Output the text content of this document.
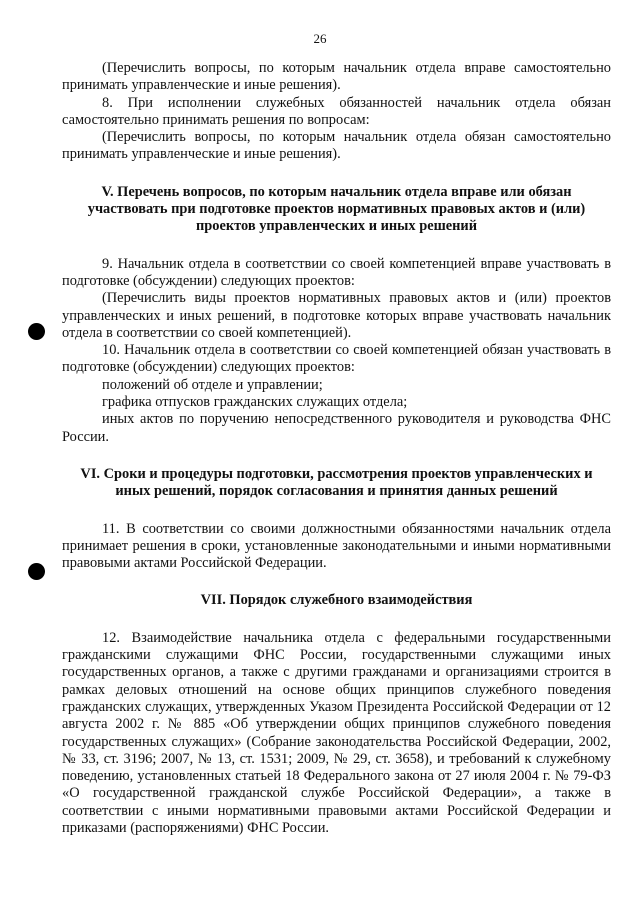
26

(Перечислить вопросы, по которым начальник отдела вправе самостоятельно принимать управленческие и иные решения).

8. При исполнении служебных обязанностей начальник отдела обязан самостоятельно принимать решения по вопросам:

(Перечислить вопросы, по которым начальник отдела обязан самостоятельно принимать управленческие и иные решения).

V. Перечень вопросов, по которым начальник отдела вправе или обязан участвовать при подготовке проектов нормативных правовых актов и (или) проектов управленческих и иных решений

9. Начальник отдела в соответствии со своей компетенцией вправе участвовать в подготовке (обсуждении) следующих проектов:

(Перечислить виды проектов нормативных правовых актов и (или) проектов управленческих и иных решений, в подготовке которых вправе участвовать начальник отдела в соответствии со своей компетенцией).

10. Начальник отдела в соответствии со своей компетенцией обязан участвовать в подготовке (обсуждении) следующих проектов:

положений об отделе и управлении;

графика отпусков гражданских служащих отдела;

иных актов по поручению непосредственного руководителя и руководства ФНС России.

VI. Сроки и процедуры подготовки, рассмотрения проектов управленческих и иных решений, порядок согласования и принятия данных решений

11. В соответствии со своими должностными обязанностями начальник отдела принимает решения в сроки, установленные законодательными и иными нормативными правовыми актами Российской Федерации.

VII. Порядок служебного взаимодействия

12. Взаимодействие начальника отдела с федеральными государственными гражданскими служащими ФНС России, государственными служащими иных государственных органов, а также с другими гражданами и организациями строится в рамках деловых отношений на основе общих принципов служебного поведения гражданских служащих, утвержденных Указом Президента Российской Федерации от 12 августа 2002 г. № 885 «Об утверждении общих принципов служебного поведения государственных служащих» (Собрание законодательства Российской Федерации, 2002, № 33, ст. 3196; 2007, № 13, ст. 1531; 2009, № 29, ст. 3658), и требований к служебному поведению, установленных статьей 18 Федерального закона от 27 июля 2004 г. № 79-ФЗ «О государственной гражданской службе Российской Федерации», а также в соответствии с иными нормативными правовыми актами Российской Федерации и приказами (распоряжениями) ФНС России.
